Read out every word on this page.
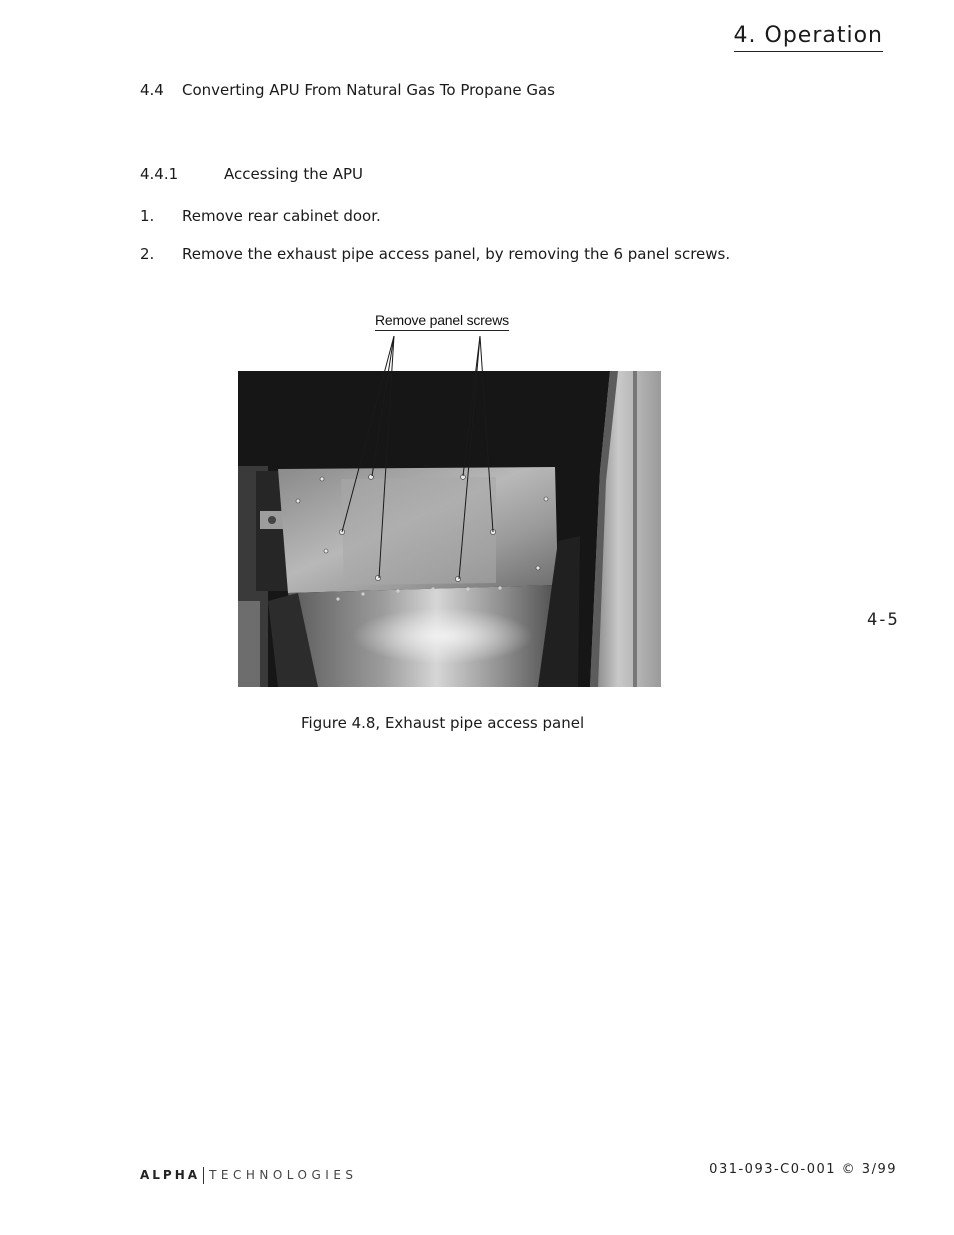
4. Operation
4.4 Converting APU From Natural Gas To Propane Gas
4.4.1	Accessing the APU
1. Remove rear cabinet door.
2. Remove the exhaust pipe access panel, by removing the 6 panel screws.
Remove panel screws
Figure 4.8, Exhaust pipe access panel
4-5
ALPHA TECHNOLOGIES	031-093-C0-001 © 3/99
